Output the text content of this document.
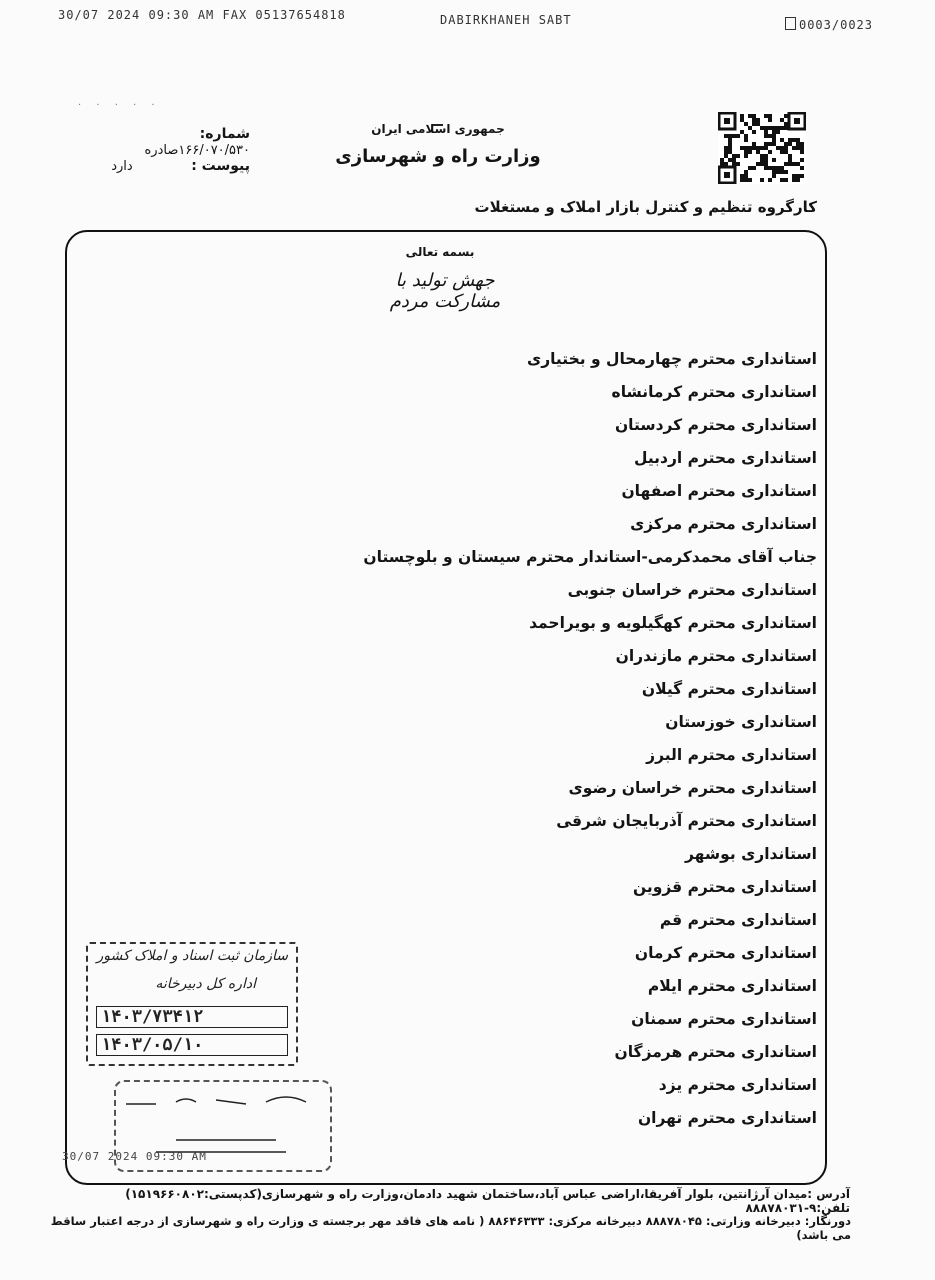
30/07 2024 09:30 AM FAX 05137654818	DABIRKHANEH SABT	0003/0023
· · · · ·
جمهوری اسلامی ایران
وزارت راه و شهرسازی
شماره: ۱۶۶/۰۷۰/۵۳۰صادره
پیوست :            دارد
کارگروه تنظیم و کنترل بازار املاک و مستغلات
بسمه تعالی
جهش تولید با مشارکت مردم
استانداری محترم چهارمحال و بختیاری
استانداری محترم کرمانشاه
استانداری محترم کردستان
استانداری محترم اردبیل
استانداری محترم اصفهان
استانداری محترم مرکزی
جناب آقای محمدکرمی-استاندار محترم سیستان و بلوچستان
استانداری محترم خراسان جنوبی
استانداری محترم کهگیلویه و بویراحمد
استانداری محترم مازندران
استانداری محترم گیلان
استانداری خوزستان
استانداری محترم البرز
استانداری محترم خراسان رضوی
استانداری محترم آذربایجان شرقی
استانداری بوشهر
استانداری محترم قزوین
استانداری محترم قم
استانداری محترم کرمان
استانداری محترم ایلام
استانداری محترم سمنان
استانداری محترم هرمزگان
استانداری محترم یزد
استانداری محترم تهران
سازمان ثبت اسناد و املاک کشور
اداره کل دبیرخانه
۱۴۰۳/۷۳۴۱۲
۱۴۰۳/۰۵/۱۰
30/07 2024 09:30 AM
آدرس :میدان آرژانتین، بلوار آفریقا،اراضی عباس آباد،ساختمان شهید دادمان،وزارت راه و شهرسازی(کدپستی:۱۵۱۹۶۶۰۸۰۲) تلفن:۹-۸۸۸۷۸۰۳۱
دورنگار: دبیرخانه وزارتی: ۸۸۸۷۸۰۴۵ دبیرخانه مرکزی: ۸۸۶۴۶۳۳۳ ( نامه های فاقد مهر برجسته ی وزارت راه و شهرسازی از درجه اعتبار ساقط می باشد)
